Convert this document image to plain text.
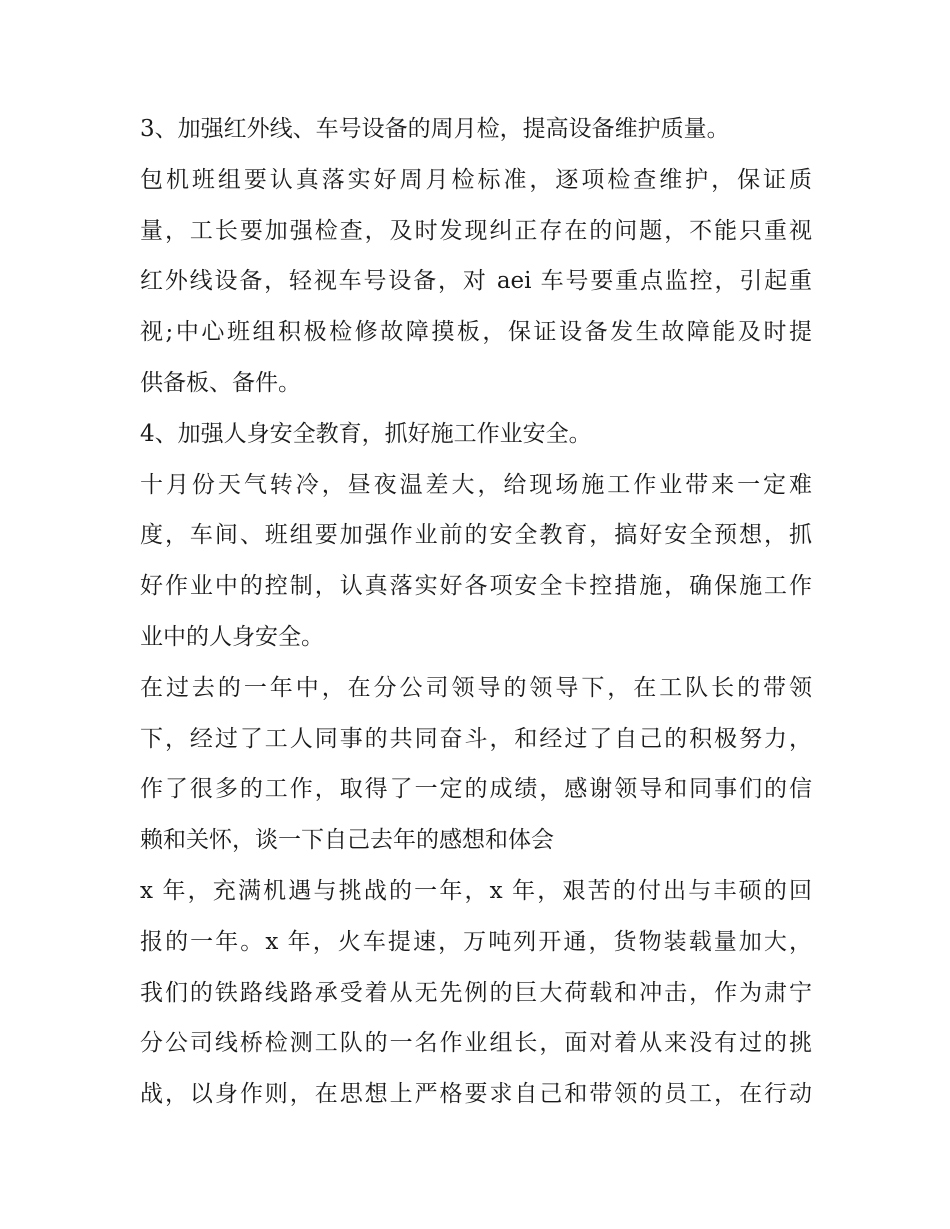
3、加强红外线、车号设备的周月检，提高设备维护质量。
包机班组要认真落实好周月检标准，逐项检查维护，保证质
量，工长要加强检查，及时发现纠正存在的问题，不能只重视
红外线设备，轻视车号设备，对 aei 车号要重点监控，引起重
视;中心班组积极检修故障摸板，保证设备发生故障能及时提
供备板、备件。
4、加强人身安全教育，抓好施工作业安全。
十月份天气转冷，昼夜温差大，给现场施工作业带来一定难
度，车间、班组要加强作业前的安全教育，搞好安全预想，抓
好作业中的控制，认真落实好各项安全卡控措施，确保施工作
业中的人身安全。
在过去的一年中，在分公司领导的领导下，在工队长的带领
下，经过了工人同事的共同奋斗，和经过了自己的积极努力，
作了很多的工作，取得了一定的成绩，感谢领导和同事们的信
赖和关怀，谈一下自己去年的感想和体会
x 年，充满机遇与挑战的一年，x 年，艰苦的付出与丰硕的回
报的一年。x 年，火车提速，万吨列开通，货物装载量加大，
我们的铁路线路承受着从无先例的巨大荷载和冲击，作为肃宁
分公司线桥检测工队的一名作业组长，面对着从来没有过的挑
战，以身作则，在思想上严格要求自己和带领的员工，在行动
